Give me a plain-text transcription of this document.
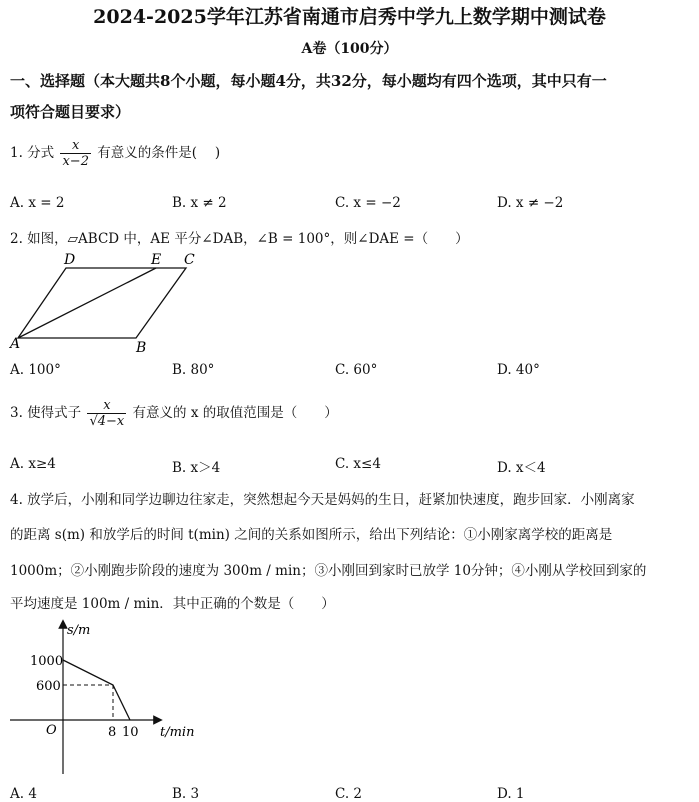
2024-2025学年江苏省南通市启秀中学九上数学期中测试卷
A卷（100分）
一、选择题（本大题共8个小题，每小题4分，共32分，每小题均有四个选项，其中只有一
项符合题目要求）
1. 分式 $\frac{x}{x-2}$ 有意义的条件是(　 )
A. x = 2	B. x ≠ 2	C. x = −2	D. x ≠ −2
2. 如图，▱ABCD 中，AE 平分∠DAB，∠B = 100°，则∠DAE =（　　）
D	E C
A	B
A. 100°	B. 80°	C. 60°	D. 40°
3. 使得式子 $\frac{x}{√4-x}$ 有意义的 x 的取值范围是（　　）
A. x≥4	B. x＞4	C. x≤4	D. x＜4
4. 放学后，小刚和同学边聊边往家走，突然想起今天是妈妈的生日，赶紧加快速度，跑步回家．小刚离家
的距离 s(m) 和放学后的时间 t(min) 之间的关系如图所示，给出下列结论：①小刚家离学校的距离是
1000m；②小刚跑步阶段的速度为 300m / min；③小刚回到家时已放学 10分钟；④小刚从学校回到家的
平均速度是 100m / min．其中正确的个数是（　　）
s/m
t/min
O
1000
600
8 10
A. 4	B. 3	C. 2	D. 1
